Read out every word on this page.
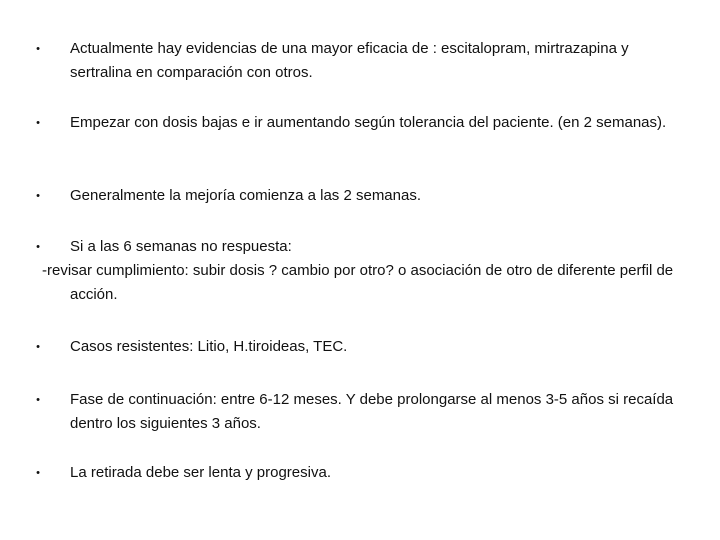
•	Actualmente hay evidencias de una mayor eficacia de : escitalopram, mirtrazapina y sertralina en comparación con otros.
•	Empezar con dosis bajas e ir aumentando según tolerancia del paciente. (en 2 semanas).
•	Generalmente la mejoría comienza a las 2 semanas.
•	Si a las 6 semanas no respuesta:
-revisar cumplimiento: subir dosis ? cambio por otro? o asociación de otro de diferente perfil de acción.
•	Casos resistentes: Litio, H.tiroideas, TEC.
•	Fase de continuación: entre 6-12 meses. Y debe prolongarse al menos 3-5 años si recaída dentro los siguientes 3 años.
•	La retirada debe ser lenta y progresiva.
